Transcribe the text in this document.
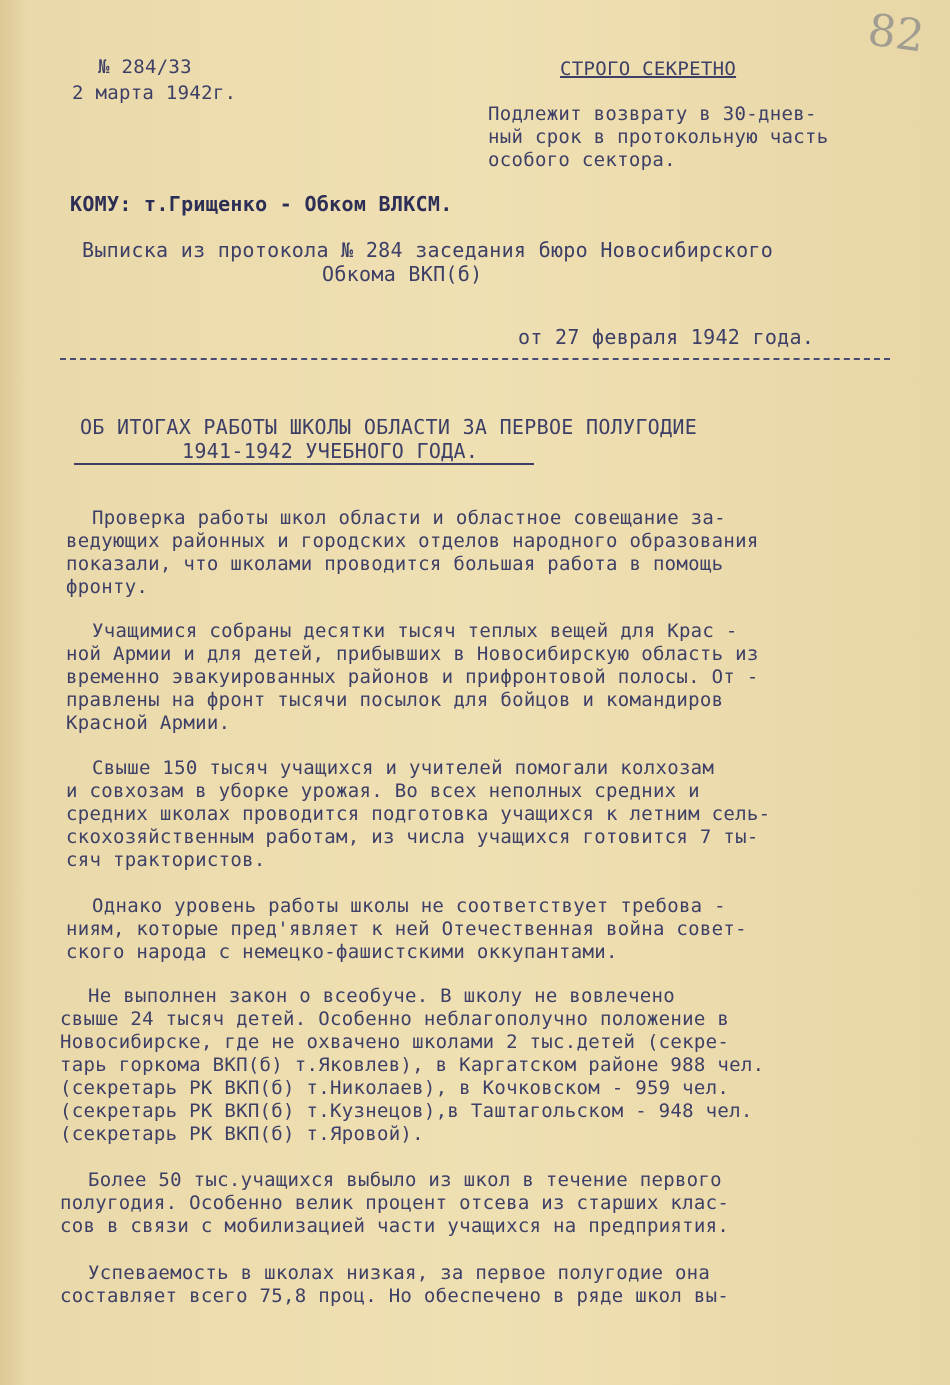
82
№ 284/33
2 марта 1942г.
СТРОГО СЕКРЕТНО
Подлежит возврату в 30-днев-
ный срок в протокольную часть
особого сектора.
КОМУ: т.Грищенко - Обком ВЛКСМ.
Выписка из протокола № 284 заседания бюро Новосибирского
Обкома ВКП(б)
от 27 февраля 1942 года.
ОБ ИТОГАХ РАБОТЫ ШКОЛЫ ОБЛАСТИ ЗА ПЕРВОЕ ПОЛУГОДИЕ
1941-1942 УЧЕБНОГО ГОДА.
Проверка работы школ области и областное совещание за-
ведующих районных и городских отделов народного образования
показали, что школами проводится большая работа в помощь
фронту.
Учащимися собраны десятки тысяч теплых вещей для Крас -
ной Армии и для детей, прибывших в Новосибирскую область из
временно эвакуированных районов и прифронтовой полосы. От -
правлены на фронт тысячи посылок для бойцов и командиров
Красной Армии.
Свыше 150 тысяч учащихся и учителей помогали колхозам
и совхозам в уборке урожая. Во всех неполных средних и
средних школах проводится подготовка учащихся к летним сель-
скохозяйственным работам, из числа учащихся готовится 7 ты-
сяч трактористов.
Однако уровень работы школы не соответствует требова -
ниям, которые пред'являет к ней Отечественная война совет-
ского народа с немецко-фашистскими оккупантами.
Не выполнен закон о всеобуче. В школу не вовлечено
свыше 24 тысяч детей. Особенно неблагополучно положение в
Новосибирске, где не охвачено школами 2 тыс.детей (секре-
тарь горкома ВКП(б) т.Яковлев), в Каргатском районе 988 чел.
(секретарь РК ВКП(б) т.Николаев), в Кочковском - 959 чел.
(секретарь РК ВКП(б) т.Кузнецов),в Таштагольском - 948 чел.
(секретарь РК ВКП(б) т.Яровой).
Более 50 тыс.учащихся выбыло из школ в течение первого
полугодия. Особенно велик процент отсева из старших клас-
сов в связи с мобилизацией части учащихся на предприятия.
Успеваемость в школах низкая, за первое полугодие она
составляет всего 75,8 проц. Но обеспечено в ряде школ вы-
